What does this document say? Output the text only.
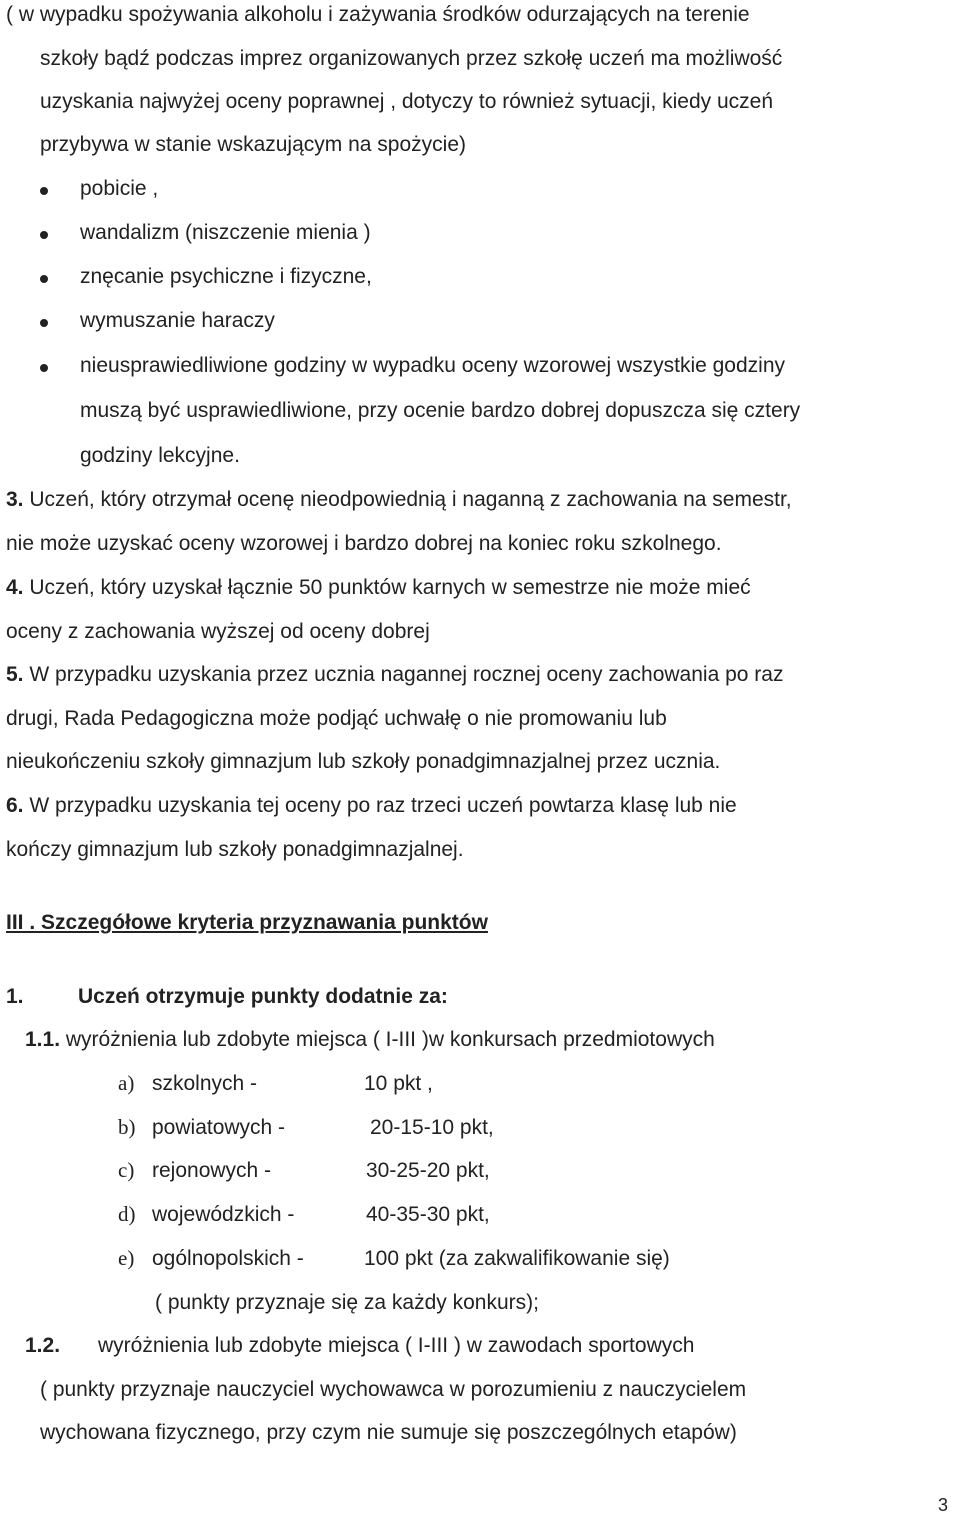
( w wypadku spożywania alkoholu i zażywania środków odurzających na terenie
szkoły bądź podczas imprez organizowanych przez szkołę uczeń ma możliwość
uzyskania najwyżej oceny poprawnej , dotyczy to również sytuacji, kiedy uczeń
przybywa w stanie wskazującym na spożycie)
pobicie ,
wandalizm (niszczenie mienia )
znęcanie psychiczne i fizyczne,
wymuszanie haraczy
nieusprawiedliwione godziny w wypadku oceny wzorowej wszystkie godziny
muszą być usprawiedliwione, przy ocenie bardzo dobrej dopuszcza się cztery
godziny lekcyjne.
3. Uczeń, który otrzymał ocenę nieodpowiednią i naganną z zachowania na semestr,
nie może uzyskać oceny wzorowej i bardzo dobrej na koniec roku szkolnego.
4. Uczeń, który uzyskał łącznie 50 punktów karnych w semestrze nie może mieć
oceny z zachowania wyższej od oceny dobrej
5. W przypadku uzyskania przez ucznia nagannej rocznej oceny zachowania po raz
drugi, Rada Pedagogiczna może podjąć uchwałę o nie promowaniu lub
nieukończeniu szkoły gimnazjum lub szkoły ponadgimnazjalnej przez ucznia.
6. W przypadku uzyskania tej oceny po raz trzeci uczeń powtarza klasę lub nie
kończy gimnazjum lub szkoły ponadgimnazjalnej.
III . Szczegółowe kryteria przyznawania punktów
1.	Uczeń otrzymuje punkty dodatnie za:
1.1. wyróżnienia lub zdobyte miejsca ( I-III )w konkursach przedmiotowych
a) szkolnych -	10 pkt ,
b) powiatowych -	20-15-10 pkt,
c) rejonowych -	30-25-20 pkt,
d) wojewódzkich -	40-35-30 pkt,
e) ogólnopolskich -	100 pkt (za zakwalifikowanie się)
( punkty przyznaje się za każdy konkurs);
1.2. wyróżnienia lub zdobyte miejsca ( I-III ) w zawodach sportowych
( punkty przyznaje nauczyciel wychowawca w porozumieniu z nauczycielem
wychowana fizycznego, przy czym nie sumuje się poszczególnych etapów)
3
